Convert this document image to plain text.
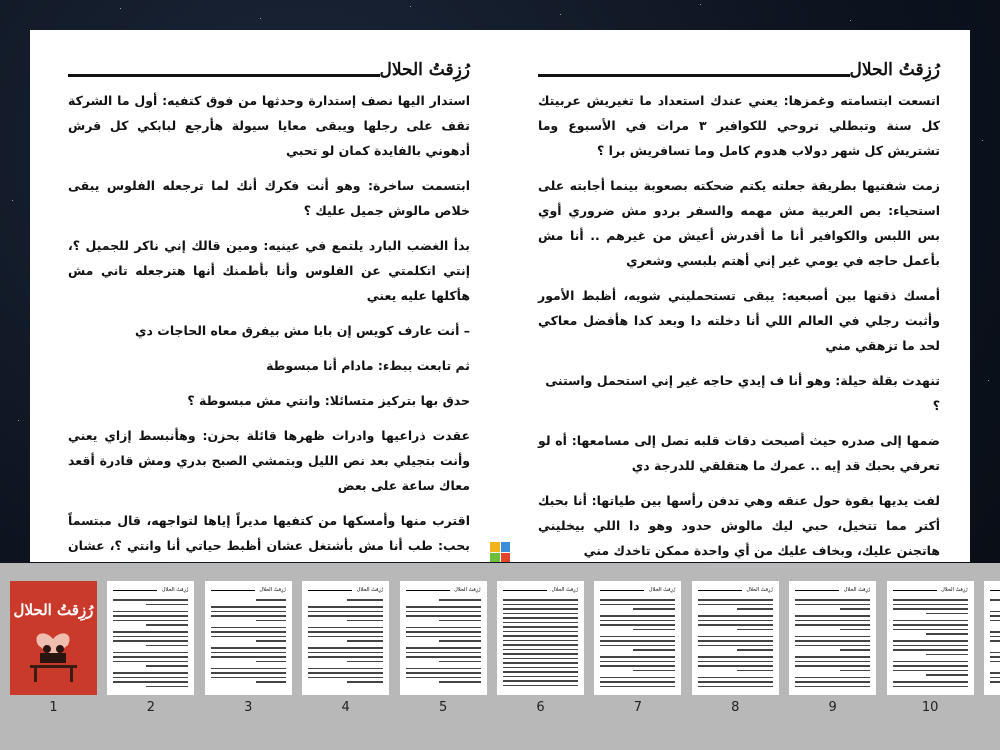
رُزِقتُ الحلال

استدار اليها نصف إستدارة وحدثها من فوق كتفيه: أول ما الشركة تقف على رجلها ويبقى معايا سيولة هأرجع لبابكي كل قرش أدهوني بالفايدة كمان لو تحبي

ابتسمت ساخرة: وهو أنت فكرك أنك لما ترجعله الفلوس يبقى خلاص مالوش جميل عليك ؟

بدأ الغضب البارد يلتمع في عينيه: ومين قالك إني ناكر للجميل ؟، إنتي اتكلمتي عن الفلوس وأنا بأطمنك أنها هترجعله تاني مش هأكلها عليه يعني

– أنت عارف كويس إن بابا مش بيفرق معاه الحاجات دي

ثم تابعت ببطء: مادام أنا مبسوطة

حدق بها بتركيز متسائلا: وانتي مش مبسوطة ؟

عقدت ذراعيها وادرات ظهرها قائلة بحزن: وهأنبسط إزاي يعني وأنت بتجيلي بعد نص الليل وبتمشي الصبح بدري ومش قادرة أقعد معاك ساعة على بعض

اقترب منها وأمسكها من كتفيها مديراً إياها لتواجهه، قال مبتسماً بحب: طب أنا مش بأشتغل عشان أظبط حياتي أنا وانتي ؟، عشان

رُزِقتُ الحلال

اتسعت ابتسامته وغمزها: يعني عندك استعداد ما تغيريش عربيتك كل سنة وتبطلي تروحي للكوافير ٣ مرات في الأسبوع وما تشتريش كل شهر دولاب هدوم كامل وما تسافريش برا ؟

زمت شفتيها بطريقة جعلته يكتم ضحكته بصعوبة بينما أجابته على استحياء: بص العربية مش مهمه والسفر بردو مش ضروري أوي بس اللبس والكوافير أنا ما أقدرش أعيش من غيرهم .. أنا مش بأعمل حاجه في يومي غير إني أهتم بلبسي وشعري

أمسك ذقنها بين أصبعيه: يبقى تستحمليني شويه، أظبط الأمور وأثبت رجلي في العالم اللي أنا دخلته دا وبعد كدا هأفضل معاكي لحد ما تزهقي مني

تنهدت بقلة حيلة: وهو أنا ف إيدي حاجه غير إني استحمل واستنى ؟

ضمها إلى صدره حيث أصبحت دقات قلبه تصل إلى مسامعها: أه لو تعرفي بحبك قد إيه .. عمرك ما هتقلقي للدرجة دي

لفت يديها بقوة حول عنقه وهي تدفن رأسها بين طياتها: أنا بحبك أكتر مما تتخيل، حبي ليك مالوش حدود وهو دا اللي بيخليني هاتجنن عليك، وبخاف عليك من أي واحدة ممكن تاخدك مني

رُزِقتُ الحلال
1
رُزِقتُ الحلال
2
رُزِقتُ الحلال
3
رُزِقتُ الحلال
4
رُزِقتُ الحلال
5
رُزِقتُ الحلال
6
رُزِقتُ الحلال
7
رُزِقتُ الحلال
8
رُزِقتُ الحلال
9
رُزِقتُ الحلال
10
